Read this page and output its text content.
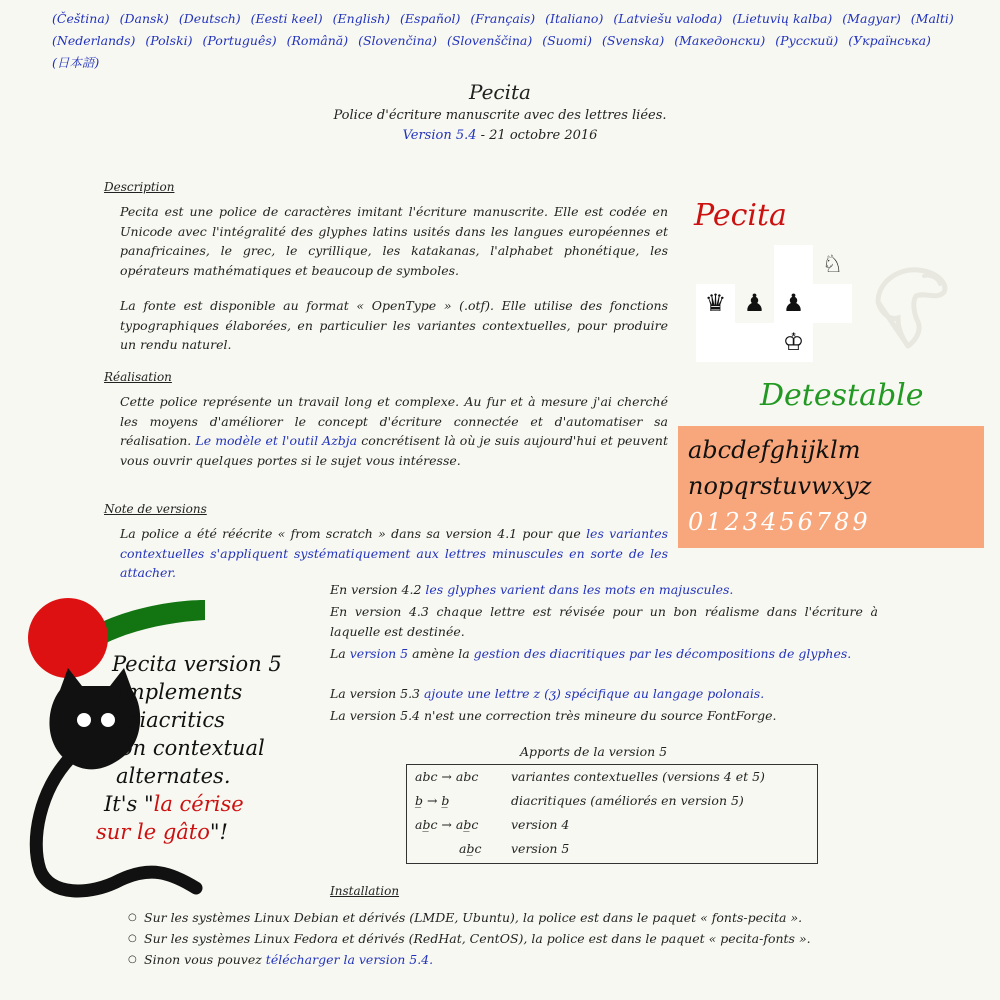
(Čeština) (Dansk) (Deutsch) (Eesti keel) (English) (Español) (Français) (Italiano) (Latviešu valoda) (Lietuvių kalba) (Magyar) (Malti) (Nederlands) (Polski) (Português) (Română) (Slovenčina) (Slovenščina) (Suomi) (Svenska) (Македонски) (Русский) (Українська) (日本語)
Pecita
Police d'écriture manuscrite avec des lettres liées.
Version 5.4 - 21 octobre 2016
Description
Pecita est une police de caractères imitant l'écriture manuscrite. Elle est codée en Unicode avec l'intégralité des glyphes latins usités dans les langues européennes et panafricaines, le grec, le cyrillique, les katakanas, l'alphabet phonétique, les opérateurs mathématiques et beaucoup de symboles.
La fonte est disponible au format « OpenType » (.otf). Elle utilise des fonctions typographiques élaborées, en particulier les variantes contextuelles, pour produire un rendu naturel.
Réalisation
Cette police représente un travail long et complexe. Au fur et à mesure j'ai cherché les moyens d'améliorer le concept d'écriture connectée et d'automatiser sa réalisation. Le modèle et l'outil Azbja concrétisent là où je suis aujourd'hui et peuvent vous ouvrir quelques portes si le sujet vous intéresse.
Note de versions
La police a été réécrite « from scratch » dans sa version 4.1 pour que les variantes contextuelles s'appliquent systématiquement aux lettres minuscules en sorte de les attacher.
En version 4.2 les glyphes varient dans les mots en majuscules.
En version 4.3 chaque lettre est révisée pour un bon réalisme dans l'écriture à laquelle est destinée.
La version 5 amène la gestion des diacritiques par les décompositions de glyphes.
La version 5.3 ajoute une lettre z (ʒ) spécifique au langage polonais.
La version 5.4 n'est une correction très mineure du source FontForge.
Pecita
♘
♛ ♟ ♟
♔
Detestable
abcdefghijklm
nopqrstuvwxyz
0123456789
Pecita version 5
implements
diacritics
on contextual
alternates.
It's "la cérise
sur le gâto"!
Apports de la version 5
abc → abc	variantes contextuelles (versions 4 et 5)
b̲ → b̲	diacritiques (améliorés en version 5)
ab̲c → ab̲c	version 4
ab̲c	version 5
Installation
○ Sur les systèmes Linux Debian et dérivés (LMDE, Ubuntu), la police est dans le paquet « fonts-pecita ».
○ Sur les systèmes Linux Fedora et dérivés (RedHat, CentOS), la police est dans le paquet « pecita-fonts ».
○ Sinon vous pouvez télécharger la version 5.4.
